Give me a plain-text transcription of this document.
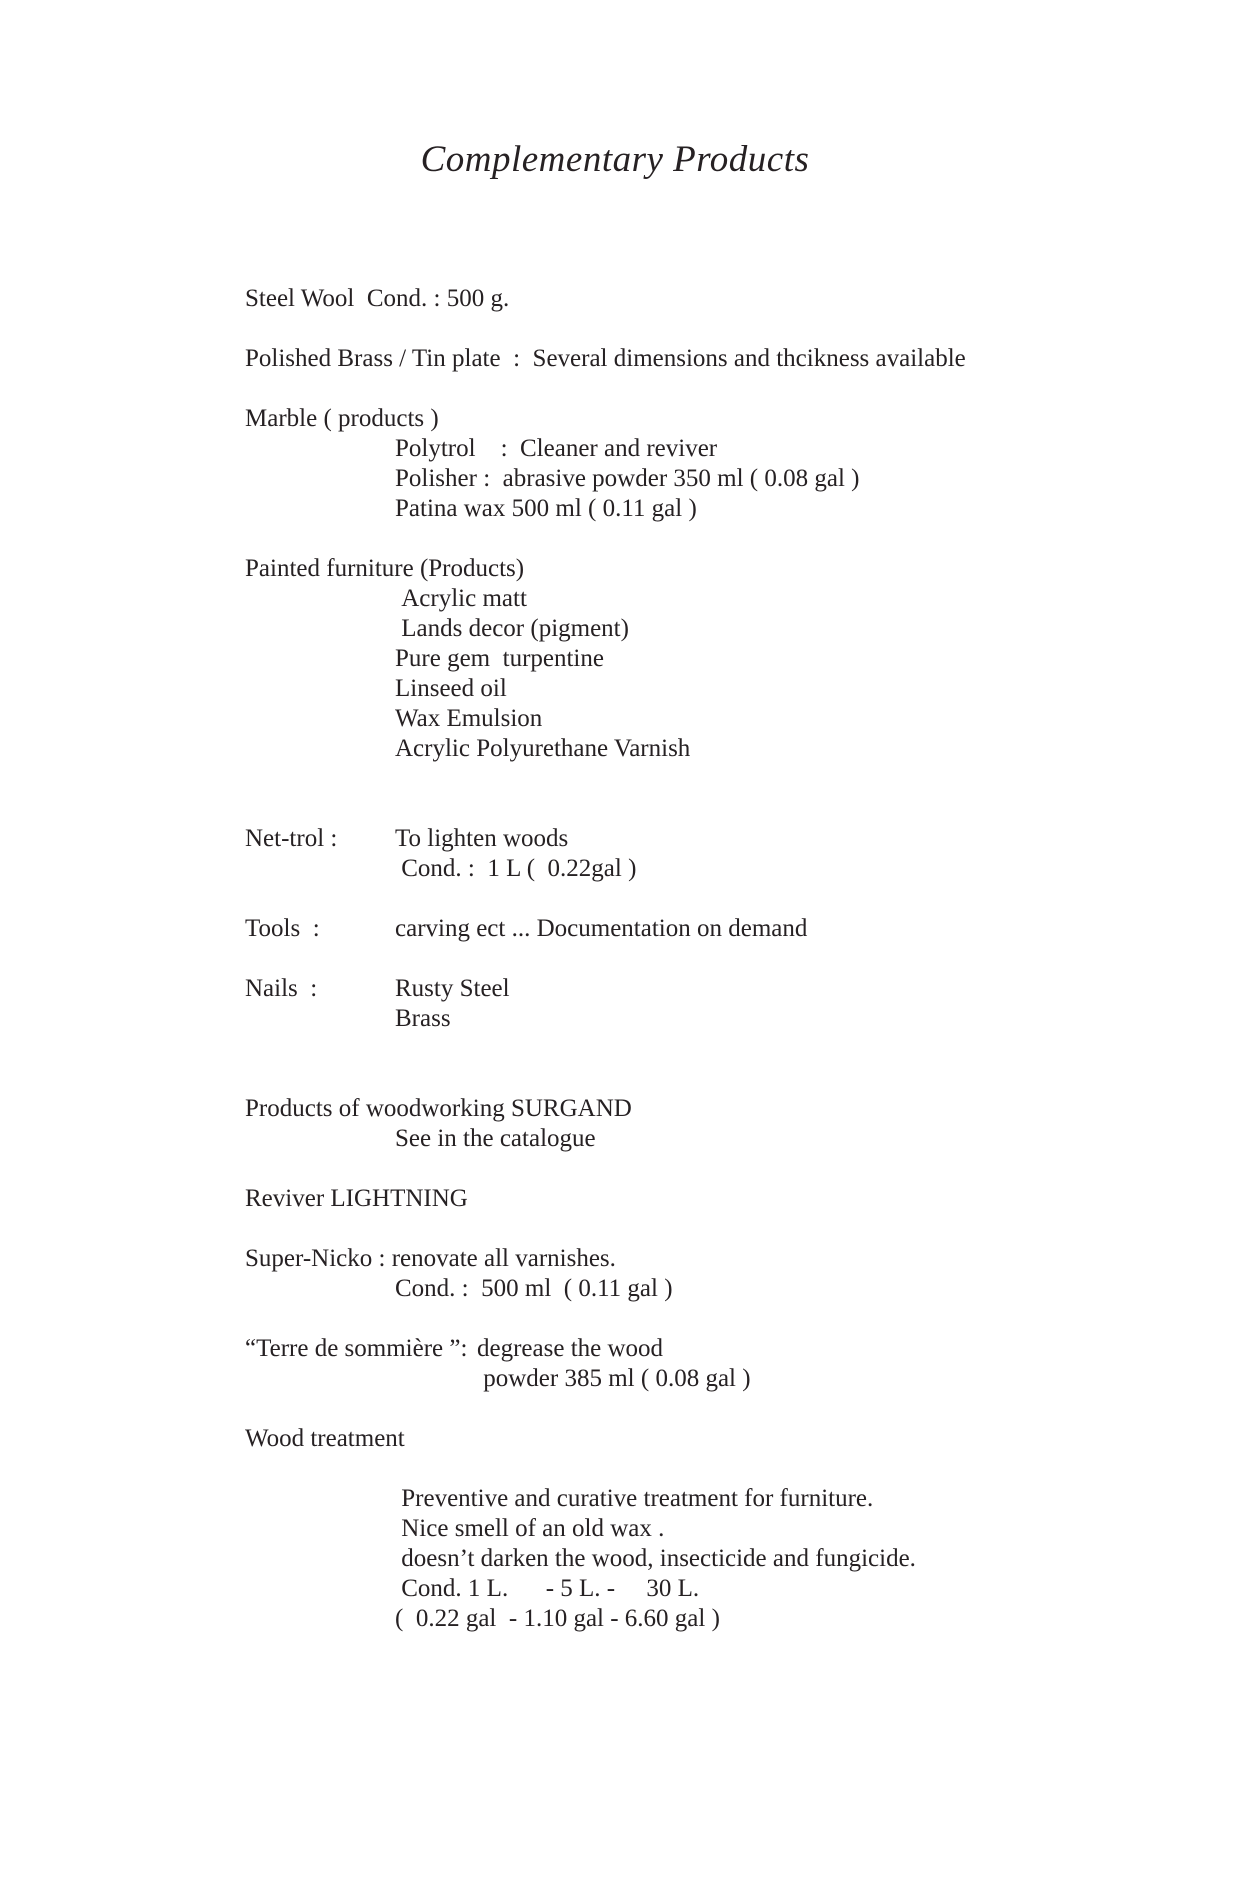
Complementary Products
Steel Wool  Cond. : 500 g.
Polished Brass / Tin plate  :  Several dimensions and thcikness available
Marble ( products )
Polytrol    :  Cleaner and reviver
Polisher :  abrasive powder 350 ml ( 0.08 gal )
Patina wax 500 ml ( 0.11 gal )
Painted furniture (Products)
Acrylic matt
Lands decor (pigment)
Pure gem  turpentine
Linseed oil
Wax Emulsion
Acrylic Polyurethane Varnish
Net-trol : To lighten woods
Cond. :  1 L (  0.22gal )
Tools  :	carving ect ... Documentation on demand
Nails  :	Rusty Steel
Brass
Products of woodworking SURGAND
See in the catalogue
Reviver LIGHTNING
Super-Nicko : renovate all varnishes.
Cond. :  500 ml  ( 0.11 gal )
“Terre de sommière ”: degrease the wood
powder 385 ml ( 0.08 gal )
Wood treatment
Preventive and curative treatment for furniture.
Nice smell of an old wax .
doesn’t darken the wood, insecticide and fungicide.
Cond. 1 L.      - 5 L. -     30 L.
(  0.22 gal  - 1.10 gal - 6.60 gal )
